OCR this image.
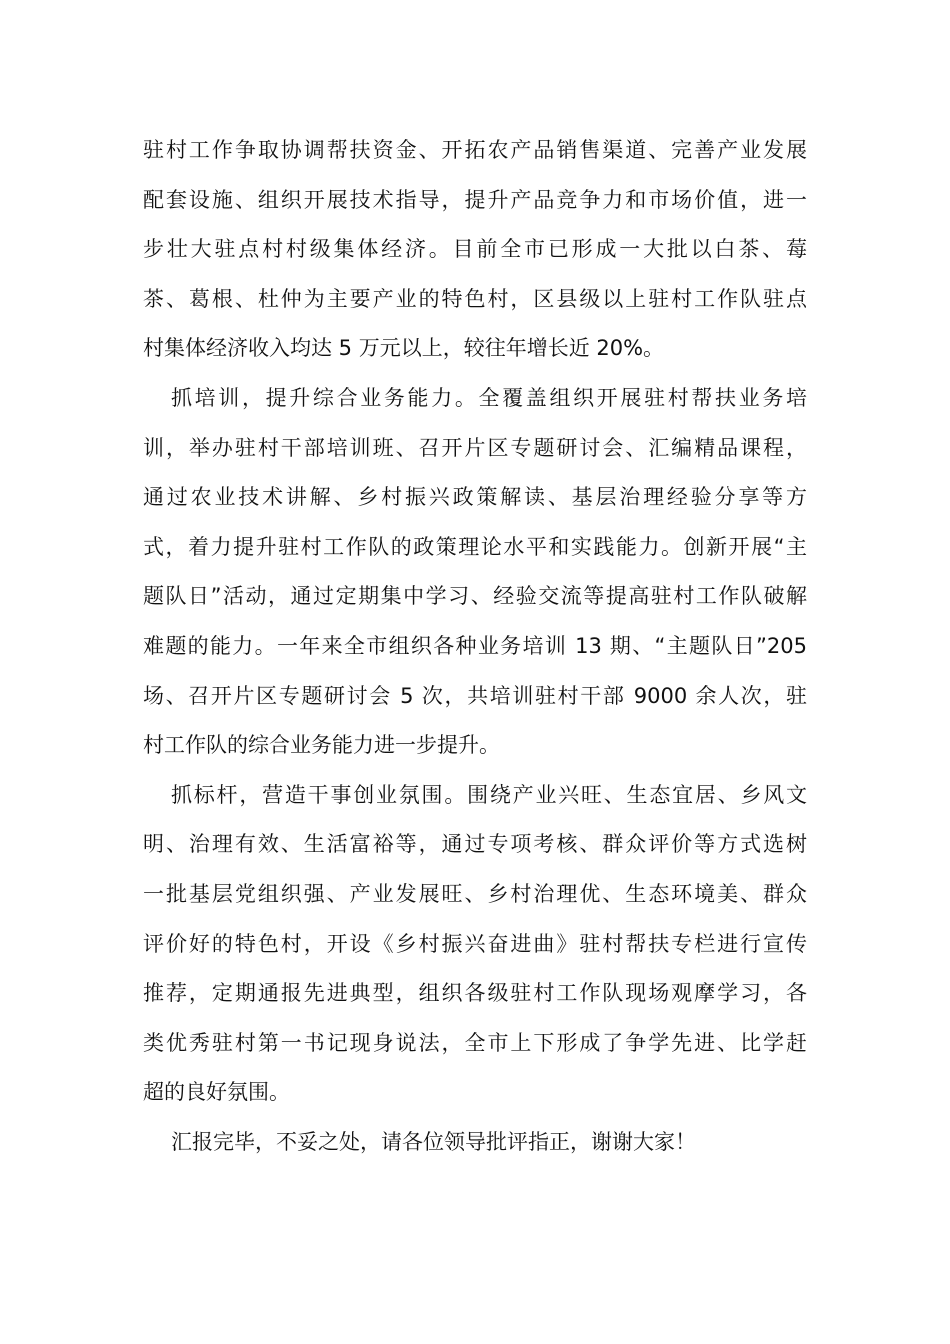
驻村工作争取协调帮扶资金、开拓农产品销售渠道、完善产业发展
配套设施、组织开展技术指导，提升产品竞争力和市场价值，进一
步壮大驻点村村级集体经济。目前全市已形成一大批以白茶、莓
茶、葛根、杜仲为主要产业的特色村，区县级以上驻村工作队驻点
村集体经济收入均达 5 万元以上，较往年增长近 20%。
抓培训，提升综合业务能力。全覆盖组织开展驻村帮扶业务培
训，举办驻村干部培训班、召开片区专题研讨会、汇编精品课程，
通过农业技术讲解、乡村振兴政策解读、基层治理经验分享等方
式，着力提升驻村工作队的政策理论水平和实践能力。创新开展“主
题队日”活动，通过定期集中学习、经验交流等提高驻村工作队破解
难题的能力。一年来全市组织各种业务培训 13 期、“主题队日”205
场、召开片区专题研讨会 5 次，共培训驻村干部 9000 余人次，驻
村工作队的综合业务能力进一步提升。
抓标杆，营造干事创业氛围。围绕产业兴旺、生态宜居、乡风文
明、治理有效、生活富裕等，通过专项考核、群众评价等方式选树
一批基层党组织强、产业发展旺、乡村治理优、生态环境美、群众
评价好的特色村，开设《乡村振兴奋进曲》驻村帮扶专栏进行宣传
推荐，定期通报先进典型，组织各级驻村工作队现场观摩学习，各
类优秀驻村第一书记现身说法，全市上下形成了争学先进、比学赶
超的良好氛围。
汇报完毕，不妥之处，请各位领导批评指正，谢谢大家！
